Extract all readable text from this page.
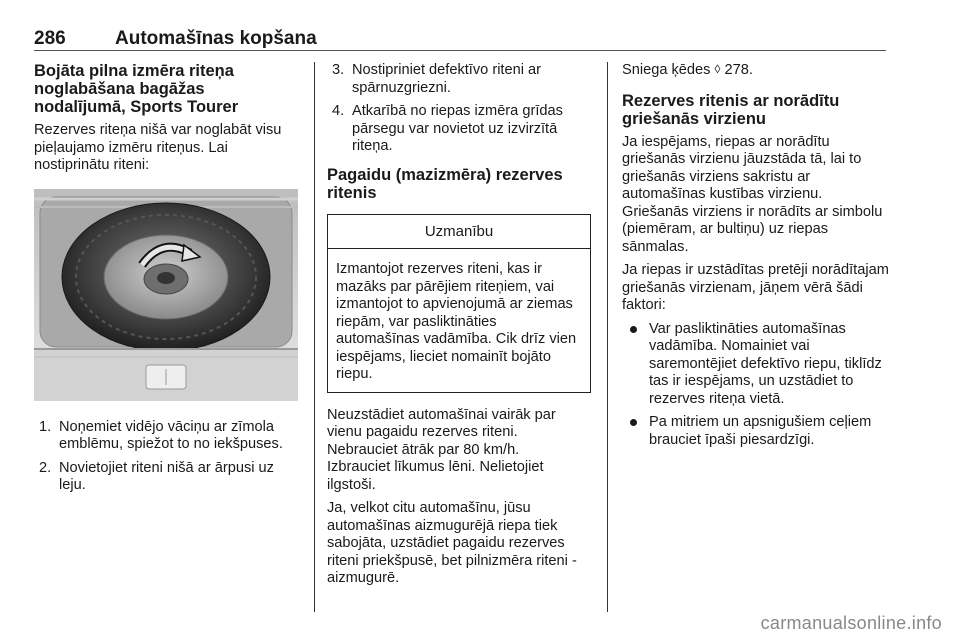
286	Automašīnas kopšana
Bojāta pilna izmēra riteņa noglabāšana bagāžas nodalījumā, Sports Tourer

Rezerves riteņa nišā var noglabāt visu pieļaujamo izmēru riteņus. Lai nostiprinātu riteni:

1. Noņemiet vidējo vāciņu ar zīmola emblēmu, spiežot to no iekšpuses.
2. Novietojiet riteni nišā ar ārpusi uz leju.
3. Nostipriniet defektīvo riteni ar spārnuzgriezni.
4. Atkarībā no riepas izmēra grīdas pārsegu var novietot uz izvirzītā riteņa.
Pagaidu (mazizmēra) rezerves ritenis
Uzmanību
Izmantojot rezerves riteni, kas ir mazāks par pārējiem riteņiem, vai izmantojot to apvienojumā ar ziemas riepām, var pasliktināties automašīnas vadāmība. Cik drīz vien iespējams, lieciet nomainīt bojāto riepu.

Neuzstādiet automašīnai vairāk par vienu pagaidu rezerves riteni.
Nebrauciet ātrāk par 80 km/h.
Izbrauciet līkumus lēni. Nelietojiet ilgstoši.

Ja, velkot citu automašīnu, jūsu automašīnas aizmugurējā riepa tiek sabojāta, uzstādiet pagaidu rezerves riteni priekšpusē, bet pilnizmēra riteni - aizmugurē.

Sniega ķēdes ◊ 278.

Rezerves ritenis ar norādītu griešanās virzienu

Ja iespējams, riepas ar norādītu griešanās virzienu jāuzstāda tā, lai to griešanās virziens sakristu ar automašīnas kustības virzienu.
Griešanās virziens ir norādīts ar simbolu (piemēram, ar bultiņu) uz riepas sānmalas.

Ja riepas ir uzstādītas pretēji norādītajam griešanās virzienam, jāņem vērā šādi faktori:

Var pasliktināties automašīnas vadāmība. Nomainiet vai saremontējiet defektīvo riepu, tiklīdz tas ir iespējams, un uzstādiet to rezerves riteņa vietā.
Pa mitriem un apsnigušiem ceļiem brauciet īpaši piesardzīgi.
carmanualsonline.info
